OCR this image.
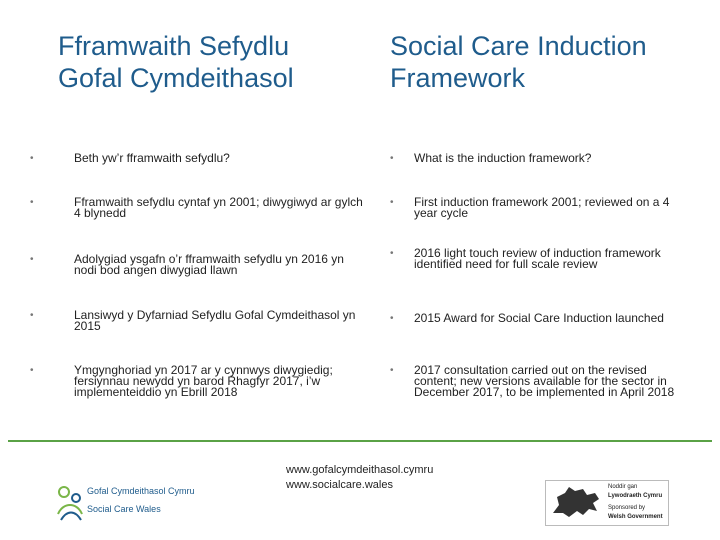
Fframwaith Sefydlu
Gofal Cymdeithasol
Social Care Induction
Framework
•	Beth yw’r fframwaith sefydlu?
•	Fframwaith sefydlu cyntaf yn 2001; diwygiwyd ar gylch 4 blynedd
•	Adolygiad ysgafn o’r fframwaith sefydlu yn 2016 yn nodi bod angen diwygiad llawn
•	Lansiwyd y Dyfarniad Sefydlu Gofal Cymdeithasol yn 2015
•	Ymgynghoriad yn 2017 ar y cynnwys diwygiedig; fersiynnau newydd yn barod Rhagfyr 2017, i’w implementeiddio yn Ebrill 2018
• What is the induction framework?
• First induction framework 2001; reviewed on a 4 year cycle
• 2016 light touch review of induction framework identified need for full scale review
• 2015 Award for Social Care Induction launched
• 2017 consultation carried out on the revised content; new versions available for the sector in December 2017, to be implemented in April 2018
Gofal Cymdeithasol Cymru
Social Care Wales
www.gofalcymdeithasol.cymru
www.socialcare.wales	Noddir gan
Lywodraeth Cymru
Sponsored by
Welsh Government
